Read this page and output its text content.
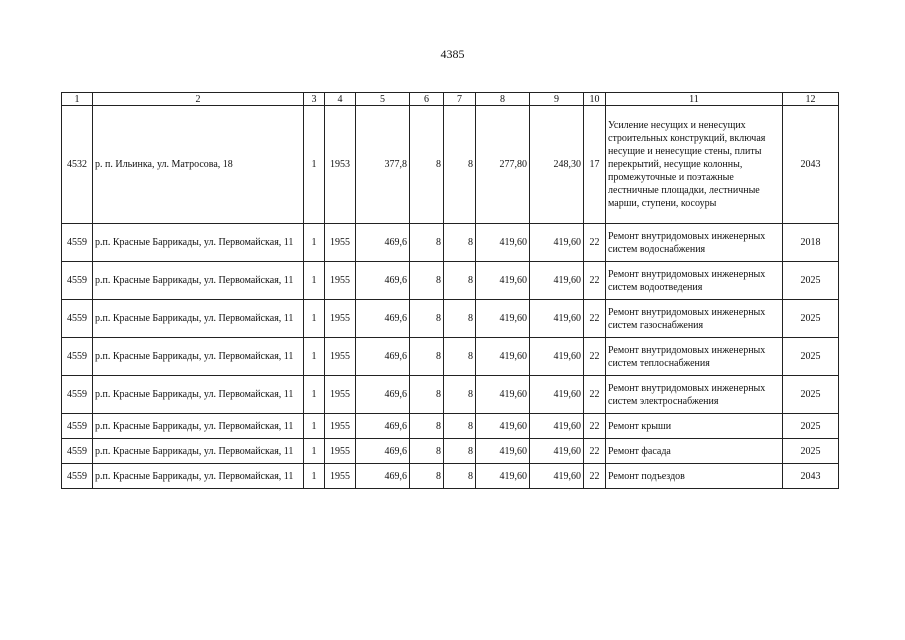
4385
1	2	3	4	5	6	7	8	9	10	11	12
4532	р. п. Ильинка, ул. Матросова, 18	1	1953	377,8	8	8	277,80	248,30	17	Усиление несущих и ненесущих строительных конструкций, включая несущие и ненесущие стены, плиты перекрытий, несущие колонны, промежуточные и поэтажные лестничные площадки, лестничные марши, ступени, косоуры	2043
4559	р.п. Красные Баррикады, ул. Первомайская, 11	1	1955	469,6	8	8	419,60	419,60	22	Ремонт внутридомовых инженерных систем водоснабжения	2018
4559	р.п. Красные Баррикады, ул. Первомайская, 11	1	1955	469,6	8	8	419,60	419,60	22	Ремонт внутридомовых инженерных систем водоотведения	2025
4559	р.п. Красные Баррикады, ул. Первомайская, 11	1	1955	469,6	8	8	419,60	419,60	22	Ремонт внутридомовых инженерных систем газоснабжения	2025
4559	р.п. Красные Баррикады, ул. Первомайская, 11	1	1955	469,6	8	8	419,60	419,60	22	Ремонт внутридомовых инженерных систем теплоснабжения	2025
4559	р.п. Красные Баррикады, ул. Первомайская, 11	1	1955	469,6	8	8	419,60	419,60	22	Ремонт внутридомовых инженерных систем электроснабжения	2025
4559	р.п. Красные Баррикады, ул. Первомайская, 11	1	1955	469,6	8	8	419,60	419,60	22	Ремонт крыши	2025
4559	р.п. Красные Баррикады, ул. Первомайская, 11	1	1955	469,6	8	8	419,60	419,60	22	Ремонт фасада	2025
4559	р.п. Красные Баррикады, ул. Первомайская, 11	1	1955	469,6	8	8	419,60	419,60	22	Ремонт подъездов	2043
